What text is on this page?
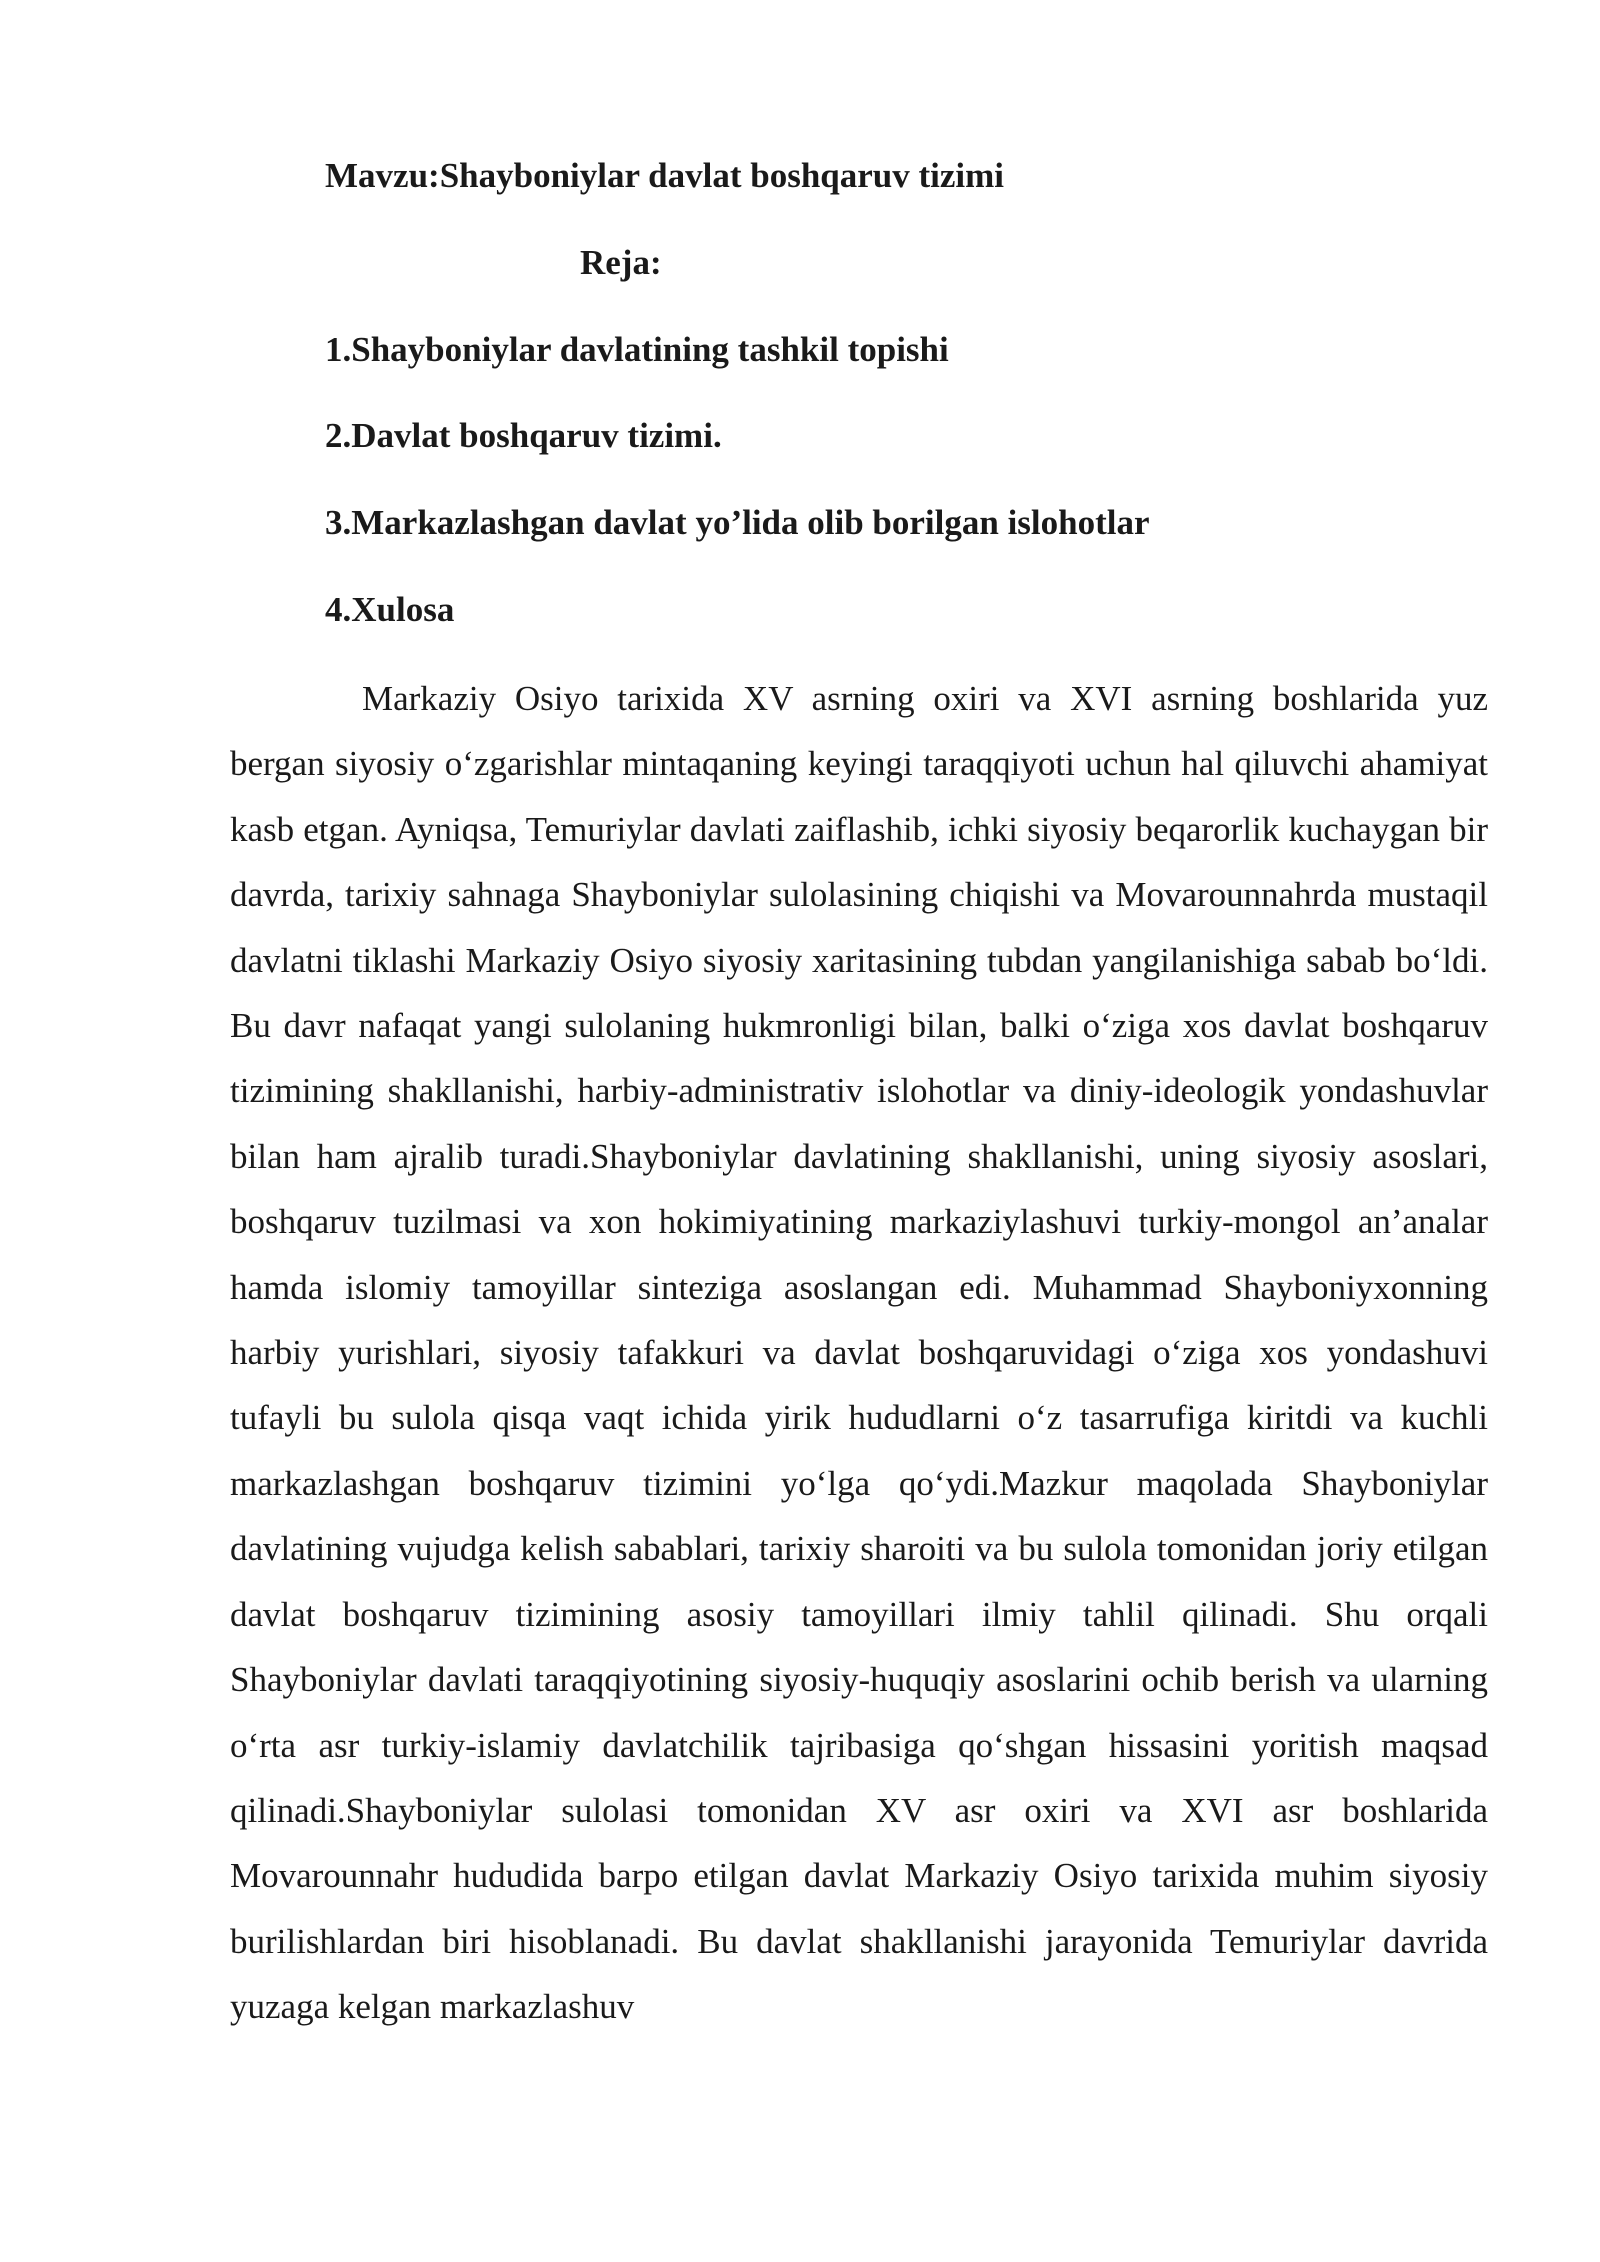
Mavzu:Shayboniylar davlat boshqaruv tizimi
Reja:

1.Shayboniylar davlatining tashkil topishi

2.Davlat boshqaruv tizimi.

3.Markazlashgan davlat yo’lida olib borilgan islohotlar

4.Xulosa

Markaziy Osiyo tarixida XV asrning oxiri va XVI asrning boshlarida yuz bergan siyosiy o‘zgarishlar mintaqaning keyingi taraqqiyoti uchun hal qiluvchi ahamiyat kasb etgan. Ayniqsa, Temuriylar davlati zaiflashib, ichki siyosiy beqarorlik kuchaygan bir davrda, tarixiy sahnaga Shayboniylar sulolasining chiqishi va Movarounnahrda mustaqil davlatni tiklashi Markaziy Osiyo siyosiy xaritasining tubdan yangilanishiga sabab bo‘ldi. Bu davr nafaqat yangi sulolaning hukmronligi bilan, balki o‘ziga xos davlat boshqaruv tizimining shakllanishi, harbiy-administrativ islohotlar va diniy-ideologik yondashuvlar bilan ham ajralib turadi.Shayboniylar davlatining shakllanishi, uning siyosiy asoslari, boshqaruv tuzilmasi va xon hokimiyatining markaziylashuvi turkiy-mongol an’analar hamda islomiy tamoyillar sinteziga asoslangan edi. Muhammad Shayboniyxonning harbiy yurishlari, siyosiy tafakkuri va davlat boshqaruvidagi o‘ziga xos yondashuvi tufayli bu sulola qisqa vaqt ichida yirik hududlarni o‘z tasarrufiga kiritdi va kuchli markazlashgan boshqaruv tizimini yo‘lga qo‘ydi.Mazkur maqolada Shayboniylar davlatining vujudga kelish sabablari, tarixiy sharoiti va bu sulola tomonidan joriy etilgan davlat boshqaruv tizimining asosiy tamoyillari ilmiy tahlil qilinadi. Shu orqali Shayboniylar davlati taraqqiyotining siyosiy-huquqiy asoslarini ochib berish va ularning o‘rta asr turkiy-islamiy davlatchilik tajribasiga qo‘shgan hissasini yoritish maqsad qilinadi.Shayboniylar sulolasi tomonidan XV asr oxiri va XVI asr boshlarida Movarounnahr hududida barpo etilgan davlat Markaziy Osiyo tarixida muhim siyosiy burilishlardan biri hisoblanadi. Bu davlat shakllanishi jarayonida Temuriylar davrida yuzaga kelgan markazlashuv
